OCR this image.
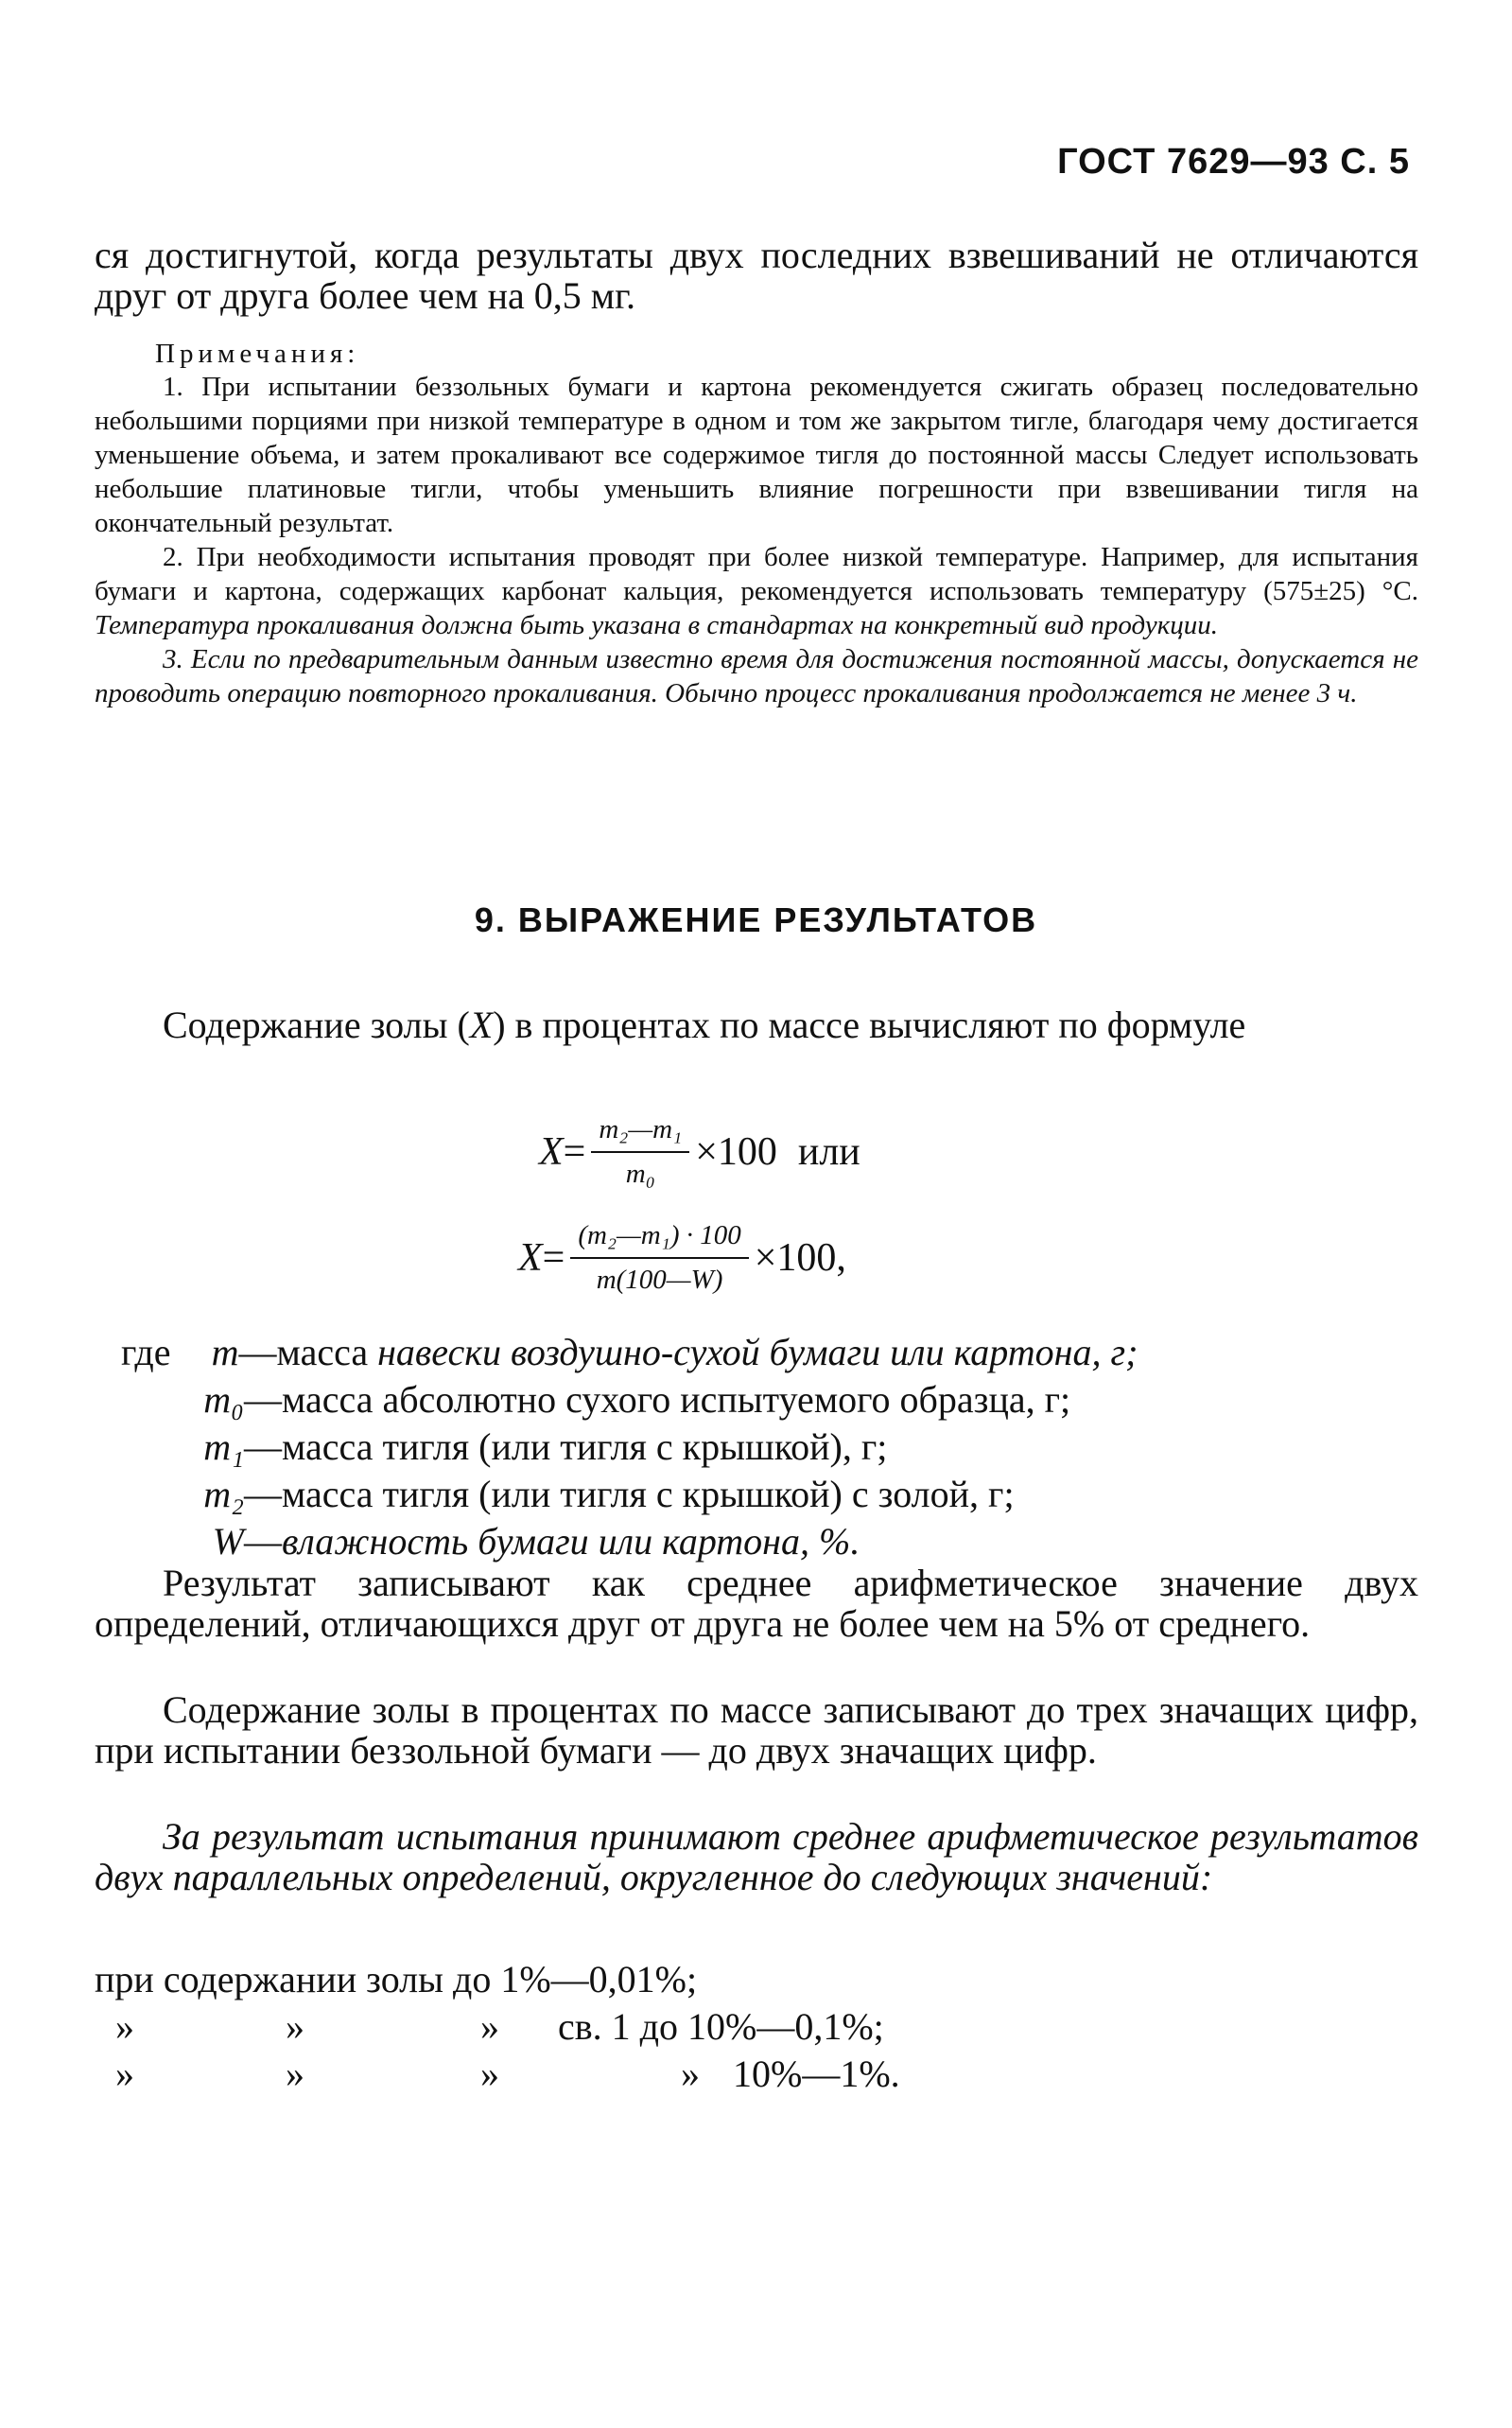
ГОСТ 7629—93 С. 5
ся достигнутой, когда результаты двух последних взвешиваний не отличаются друг от друга более чем на 0,5 мг.
Примечания:
1. При испытании беззольных бумаги и картона рекомендуется сжигать образец последовательно небольшими порциями при низкой температуре в одном и том же закрытом тигле, благодаря чему достигается уменьшение объема, и затем прокаливают все содержимое тигля до постоянной массы Следует использовать небольшие платиновые тигли, чтобы уменьшить влияние погрешности при взвешивании тигля на окончательный результат.
2. При необходимости испытания проводят при более низкой температуре. Например, для испытания бумаги и картона, содержащих карбонат кальция, рекомендуется использовать температуру (575±25) °С. Температура прокаливания должна быть указана в стандартах на конкретный вид продукции.
3. Если по предварительным данным известно время для достижения постоянной массы, допускается не проводить операцию повторного прокаливания. Обычно процесс прокаливания продолжается не менее 3 ч.
9. ВЫРАЖЕНИЕ РЕЗУЛЬТАТОВ
Содержание золы (X) в процентах по массе вычисляют по формуле
$X = \frac{\text{m₂—m₁}}{\text{m₀}} \times 100$ или
$X = \frac{\text{(m₂—m₁) · 100}}{m(100—W)} \times 100$,
где m—масса навески воздушно-сухой бумаги или картона, г;
m₀—масса абсолютно сухого испытуемого образца, г;
m₁—масса тигля (или тигля с крышкой), г;
m₂—масса тигля (или тигля с крышкой) с золой, г;
W—влажность бумаги или картона, %.
Результат записывают как среднее арифметическое значение двух определений, отличающихся друг от друга не более чем на 5% от среднего.
Содержание золы в процентах по массе записывают до трех значащих цифр, при испытании беззольной бумаги — до двух значащих цифр.
За результат испытания принимают среднее арифметическое результатов двух параллельных определений, округленное до следующих значений:
при содержании золы до 1%—0,01%;
»	»	» св. 1 до 10%—0,1%;
»	»	»	» 10%—1%.
